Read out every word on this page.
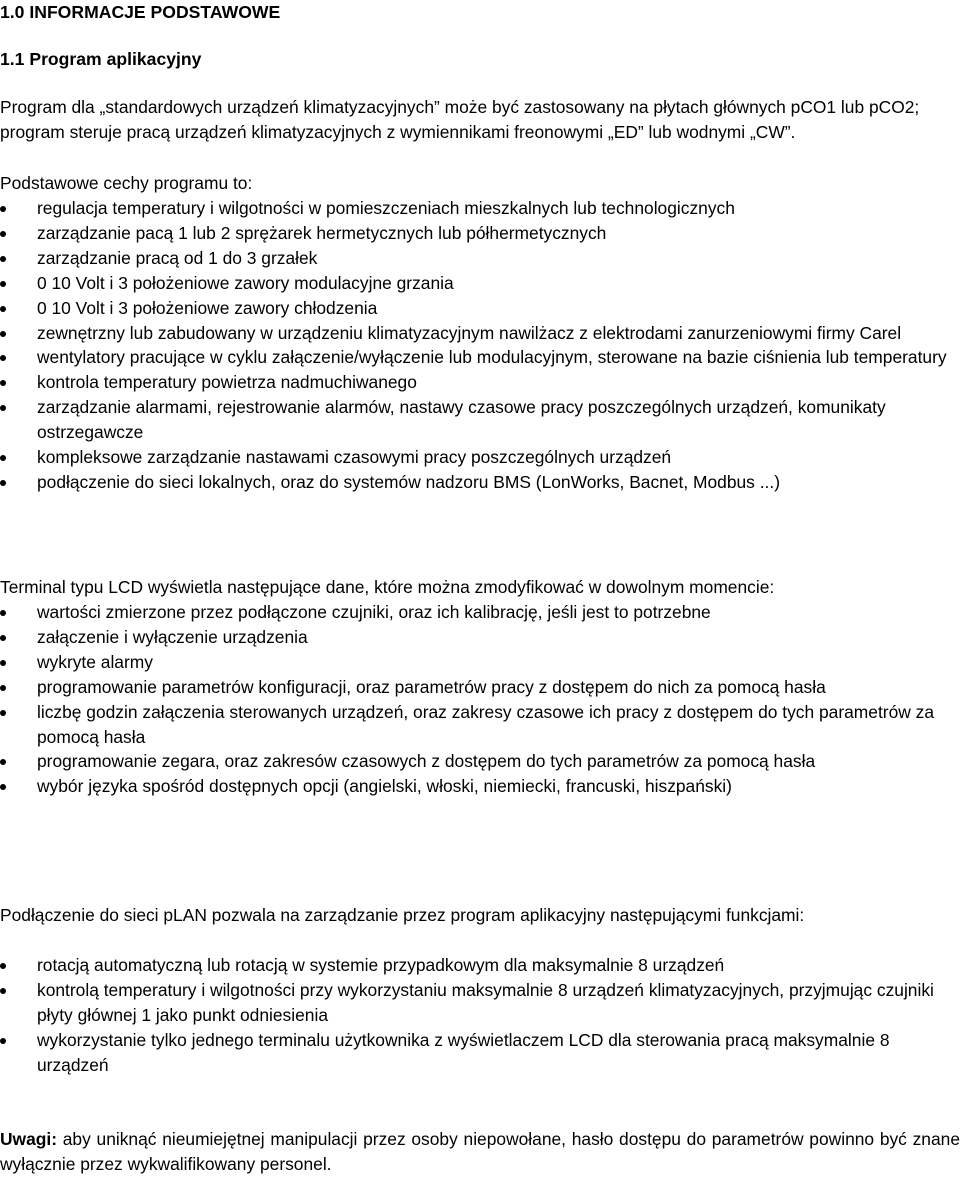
1.0 INFORMACJE PODSTAWOWE
1.1 Program aplikacyjny

Program dla „standardowych urządzeń klimatyzacyjnych” może być zastosowany na płytach głównych pCO1 lub pCO2; program steruje pracą urządzeń klimatyzacyjnych z wymiennikami freonowymi „ED” lub wodnymi „CW”.

Podstawowe cechy programu to:

regulacja temperatury i wilgotności w pomieszczeniach mieszkalnych lub technologicznych
zarządzanie pacą 1 lub 2 sprężarek hermetycznych lub półhermetycznych
zarządzanie pracą od 1 do 3 grzałek
0 10 Volt i 3 położeniowe zawory modulacyjne grzania
0 10 Volt i 3 położeniowe zawory chłodzenia
zewnętrzny lub zabudowany w urządzeniu klimatyzacyjnym nawilżacz z elektrodami zanurzeniowymi firmy Carel
wentylatory pracujące w cyklu załączenie/wyłączenie lub modulacyjnym, sterowane na bazie ciśnienia lub temperatury
kontrola temperatury powietrza nadmuchiwanego
zarządzanie alarmami, rejestrowanie alarmów, nastawy czasowe pracy poszczególnych urządzeń, komunikaty ostrzegawcze
kompleksowe zarządzanie nastawami czasowymi pracy poszczególnych urządzeń
podłączenie do sieci lokalnych, oraz do systemów nadzoru BMS (LonWorks, Bacnet, Modbus ...)

Terminal typu LCD wyświetla następujące dane, które można zmodyfikować w dowolnym momencie:

wartości zmierzone przez podłączone czujniki, oraz ich kalibrację, jeśli jest to potrzebne
załączenie i wyłączenie urządzenia
wykryte alarmy
programowanie parametrów konfiguracji, oraz parametrów pracy z dostępem do nich za pomocą hasła
liczbę godzin załączenia sterowanych urządzeń, oraz zakresy czasowe ich pracy z dostępem do tych parametrów za pomocą hasła
programowanie zegara, oraz zakresów czasowych z dostępem do tych parametrów za pomocą hasła
wybór języka spośród dostępnych opcji (angielski, włoski, niemiecki, francuski, hiszpański)

Podłączenie do sieci pLAN pozwala na zarządzanie przez program aplikacyjny następującymi funkcjami:

rotacją automatyczną lub rotacją w systemie przypadkowym dla maksymalnie 8 urządzeń
kontrolą temperatury i wilgotności przy wykorzystaniu maksymalnie 8 urządzeń klimatyzacyjnych, przyjmując czujniki płyty głównej 1 jako punkt odniesienia
wykorzystanie tylko jednego terminalu użytkownika z wyświetlaczem LCD dla sterowania pracą maksymalnie 8 urządzeń

Uwagi: aby uniknąć nieumiejętnej manipulacji przez osoby niepowołane, hasło dostępu do parametrów powinno być znane wyłącznie przez wykwalifikowany personel.
